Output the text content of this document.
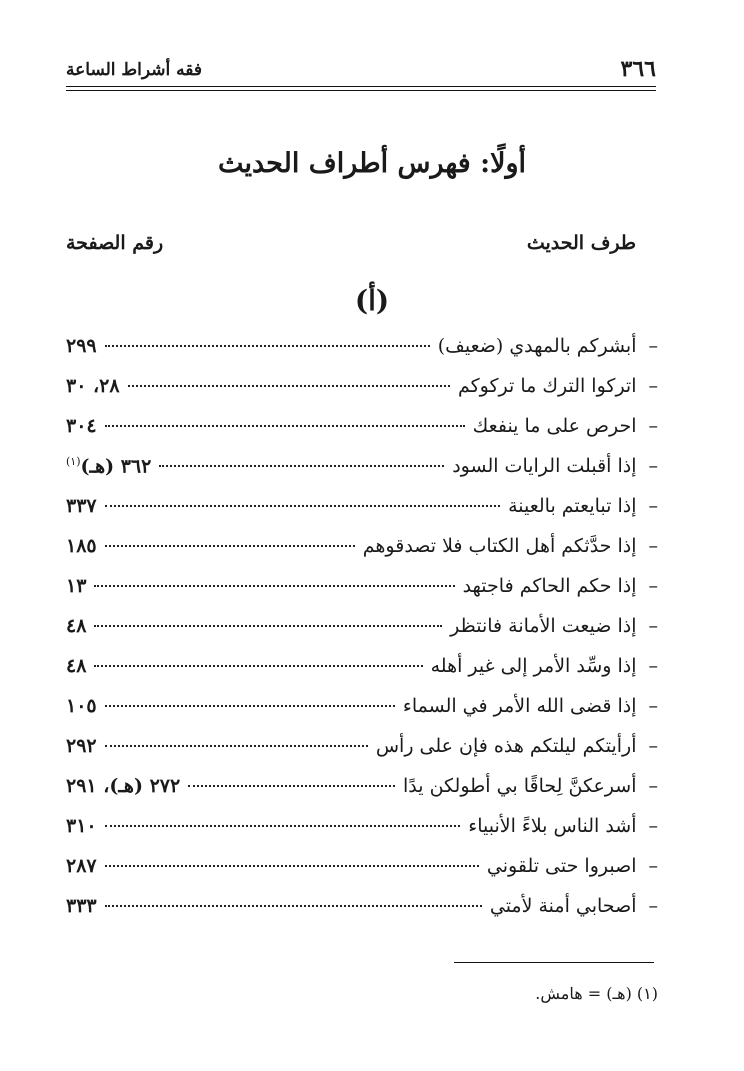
٣٦٦
فقه أشراط الساعة
أولًا: فهرس أطراف الحديث
طرف الحديث
رقم الصفحة
(أ)
–
أبشركم بالمهدي (ضعيف)
٢٩٩
–
اتركوا الترك ما تركوكم
٢٨، ٣٠
–
احرص على ما ينفعك
٣٠٤
–
إذا أقبلت الرايات السود
٣٦٢ (هـ)$^{(١)}$
–
إذا تبايعتم بالعينة
٣٣٧
–
إذا حدَّثكم أهل الكتاب فلا تصدقوهم
١٨٥
–
إذا حكم الحاكم فاجتهد
١٣
–
إذا ضيعت الأمانة فانتظر
٤٨
–
إذا وسِّد الأمر إلى غير أهله
٤٨
–
إذا قضى الله الأمر في السماء
١٠٥
–
أرأيتكم ليلتكم هذه فإن على رأس
٢٩٢
–
أسرعكنَّ لِحاقًا بي أطولكن يدًا
٢٧٢ (هـ)، ٢٩١
–
أشد الناس بلاءً الأنبياء
٣١٠
–
اصبروا حتى تلقوني
٢٨٧
–
أصحابي أمنة لأمتي
٣٣٣
(١) (هـ) = هامش.
